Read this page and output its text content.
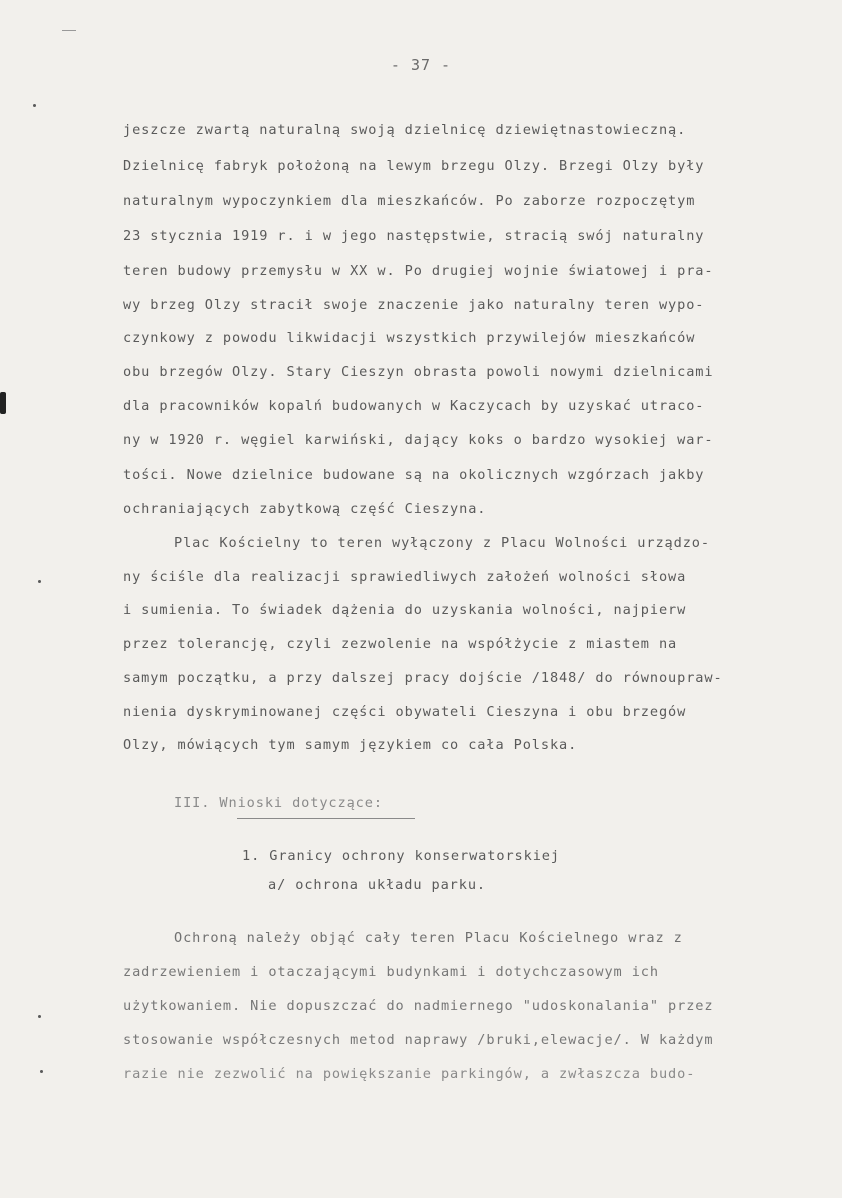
- 37 -
jeszcze zwartą naturalną swoją dzielnicę dziewiętnastowieczną.
Dzielnicę fabryk położoną na lewym brzegu Olzy. Brzegi Olzy były
naturalnym wypoczynkiem dla mieszkańców. Po zaborze rozpoczętym
23 stycznia 1919 r. i w jego następstwie, stracią swój naturalny
teren budowy przemysłu w XX w. Po drugiej wojnie światowej i pra-
wy brzeg Olzy stracił swoje znaczenie jako naturalny teren wypo-
czynkowy z powodu likwidacji wszystkich przywilejów mieszkańców
obu brzegów Olzy. Stary Cieszyn obrasta powoli nowymi dzielnicami
dla pracowników kopalń budowanych w Kaczycach by uzyskać utraco-
ny w 1920 r. węgiel karwiński, dający koks o bardzo wysokiej war-
tości. Nowe dzielnice budowane są na okolicznych wzgórzach jakby
ochraniających zabytkową część Cieszyna.
Plac Kościelny to teren wyłączony z Placu Wolności urządzo-
ny ściśle dla realizacji sprawiedliwych założeń wolności słowa
i sumienia. To świadek dążenia do uzyskania wolności, najpierw
przez tolerancję, czyli zezwolenie na współżycie z miastem na
samym początku, a przy dalszej pracy dojście /1848/ do równoupraw-
nienia dyskryminowanej części obywateli Cieszyna i obu brzegów
Olzy, mówiących tym samym językiem co cała Polska.
III. Wnioski dotyczące:
1. Granicy ochrony konserwatorskiej
a/ ochrona układu parku.
Ochroną należy objąć cały teren Placu Kościelnego wraz z
zadrzewieniem i otaczającymi budynkami i dotychczasowym ich
użytkowaniem. Nie dopuszczać do nadmiernego "udoskonalania" przez
stosowanie współczesnych metod naprawy /bruki,elewacje/. W każdym
razie nie zezwolić na powiększanie parkingów, a zwłaszcza budo-
